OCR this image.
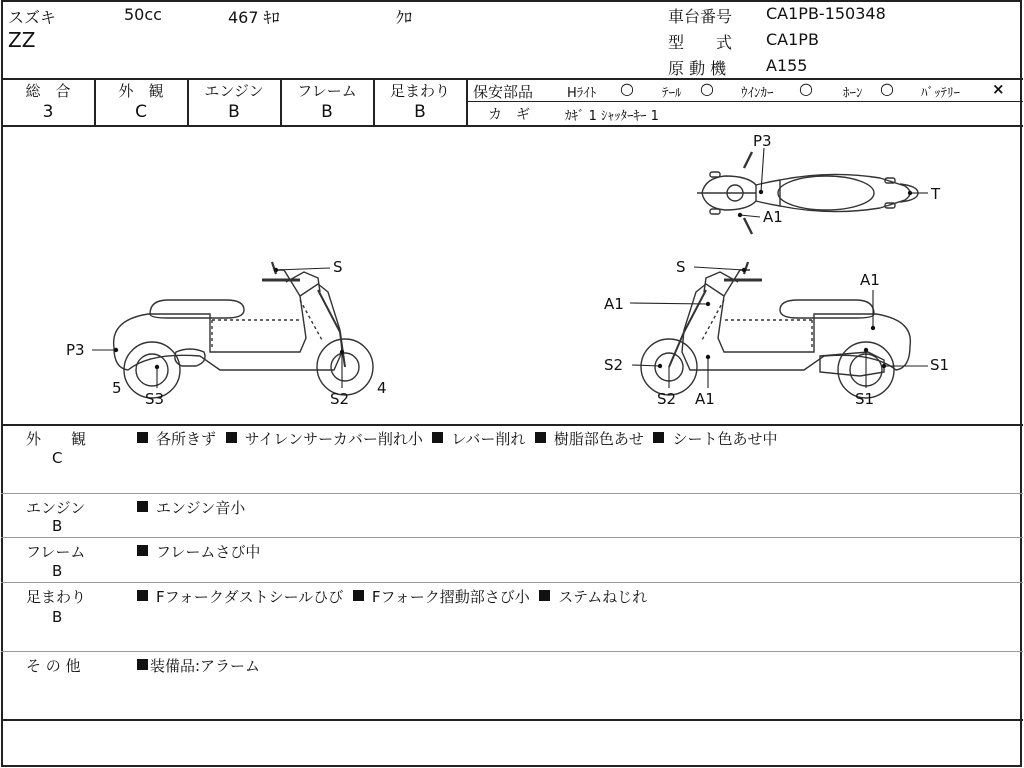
スズキ	50cc	467 ｷﾛ	ｸﾛ
ZZ
車台番号 CA1PB-150348
型　　式 CA1PB
原 動 機 A155
総　合
3
外　観
C
エンジン
B
フレーム
B
足まわり
B
保安部品	Hﾗｲﾄ ○ ﾃｰﾙ ○ ｳｲﾝｶｰ ○ ﾎｰﾝ ○ ﾊﾞｯﾃﾘｰ ×
カ　ギ	ｶｷﾞ 1 ｼｬｯﾀｰｷｰ 1
P3
T
A1
S
P3
5
S3	S2
4
S
A1
A1
S2
S2 A1
S1
S1
外　　観
C
各所きず サイレンサーカバー削れ小 レバー削れ 樹脂部色あせ シート色あせ中
エンジン
B
エンジン音小
フレーム
B
フレームさび中
足まわり
B
Fフォークダストシールひび Fフォーク摺動部さび小 ステムねじれ
そ の 他	装備品:アラーム
